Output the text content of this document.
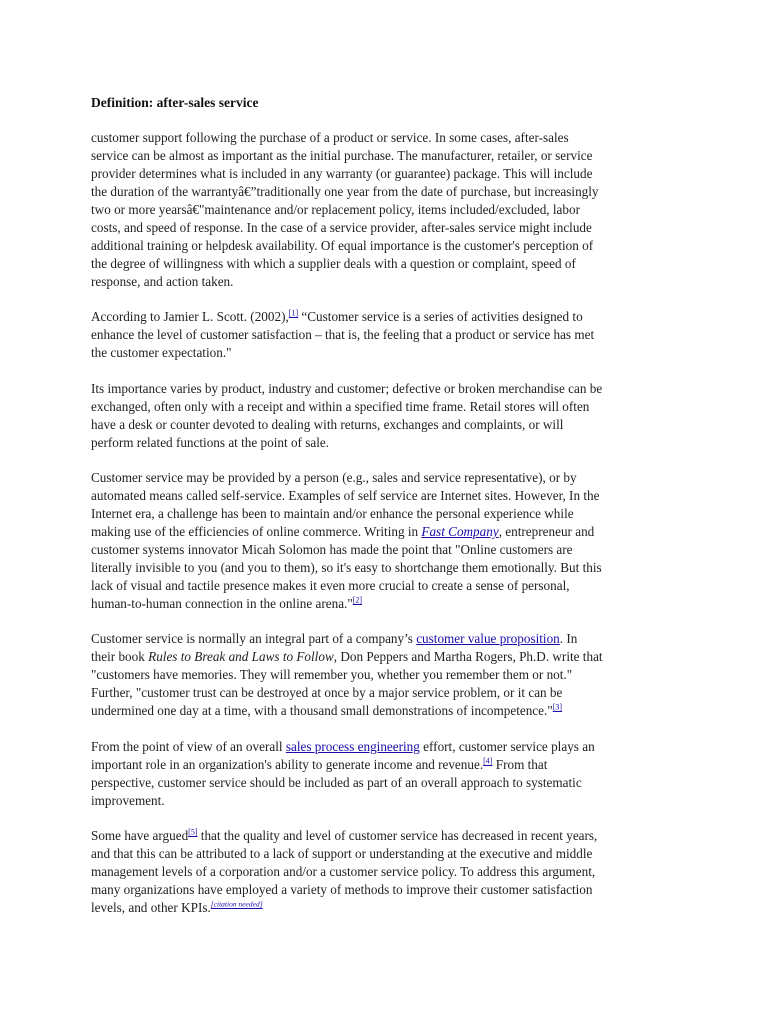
Definition: after-sales service

customer support following the purchase of a product or service. In some cases, after-sales
service can be almost as important as the initial purchase. The manufacturer, retailer, or service
provider determines what is included in any warranty (or guarantee) package. This will include
the duration of the warrantyâ€”traditionally one year from the date of purchase, but increasingly
two or more yearsâ€"maintenance and/or replacement policy, items included/excluded, labor
costs, and speed of response. In the case of a service provider, after-sales service might include
additional training or helpdesk availability. Of equal importance is the customer's perception of
the degree of willingness with which a supplier deals with a question or complaint, speed of
response, and action taken.

According to Jamier L. Scott. (2002),[1] “Customer service is a series of activities designed to
enhance the level of customer satisfaction – that is, the feeling that a product or service has met
the customer expectation."

Its importance varies by product, industry and customer; defective or broken merchandise can be
exchanged, often only with a receipt and within a specified time frame. Retail stores will often
have a desk or counter devoted to dealing with returns, exchanges and complaints, or will
perform related functions at the point of sale.

Customer service may be provided by a person (e.g., sales and service representative), or by
automated means called self-service. Examples of self service are Internet sites. However, In the
Internet era, a challenge has been to maintain and/or enhance the personal experience while
making use of the efficiencies of online commerce. Writing in Fast Company, entrepreneur and
customer systems innovator Micah Solomon has made the point that "Online customers are
literally invisible to you (and you to them), so it's easy to shortchange them emotionally. But this
lack of visual and tactile presence makes it even more crucial to create a sense of personal,
human-to-human connection in the online arena."[2]

Customer service is normally an integral part of a company’s customer value proposition. In
their book Rules to Break and Laws to Follow, Don Peppers and Martha Rogers, Ph.D. write that
"customers have memories. They will remember you, whether you remember them or not."
Further, "customer trust can be destroyed at once by a major service problem, or it can be
undermined one day at a time, with a thousand small demonstrations of incompetence."[3]

From the point of view of an overall sales process engineering effort, customer service plays an
important role in an organization's ability to generate income and revenue.[4] From that
perspective, customer service should be included as part of an overall approach to systematic
improvement.

Some have argued[5] that the quality and level of customer service has decreased in recent years,
and that this can be attributed to a lack of support or understanding at the executive and middle
management levels of a corporation and/or a customer service policy. To address this argument,
many organizations have employed a variety of methods to improve their customer satisfaction
levels, and other KPIs.[citation needed]
